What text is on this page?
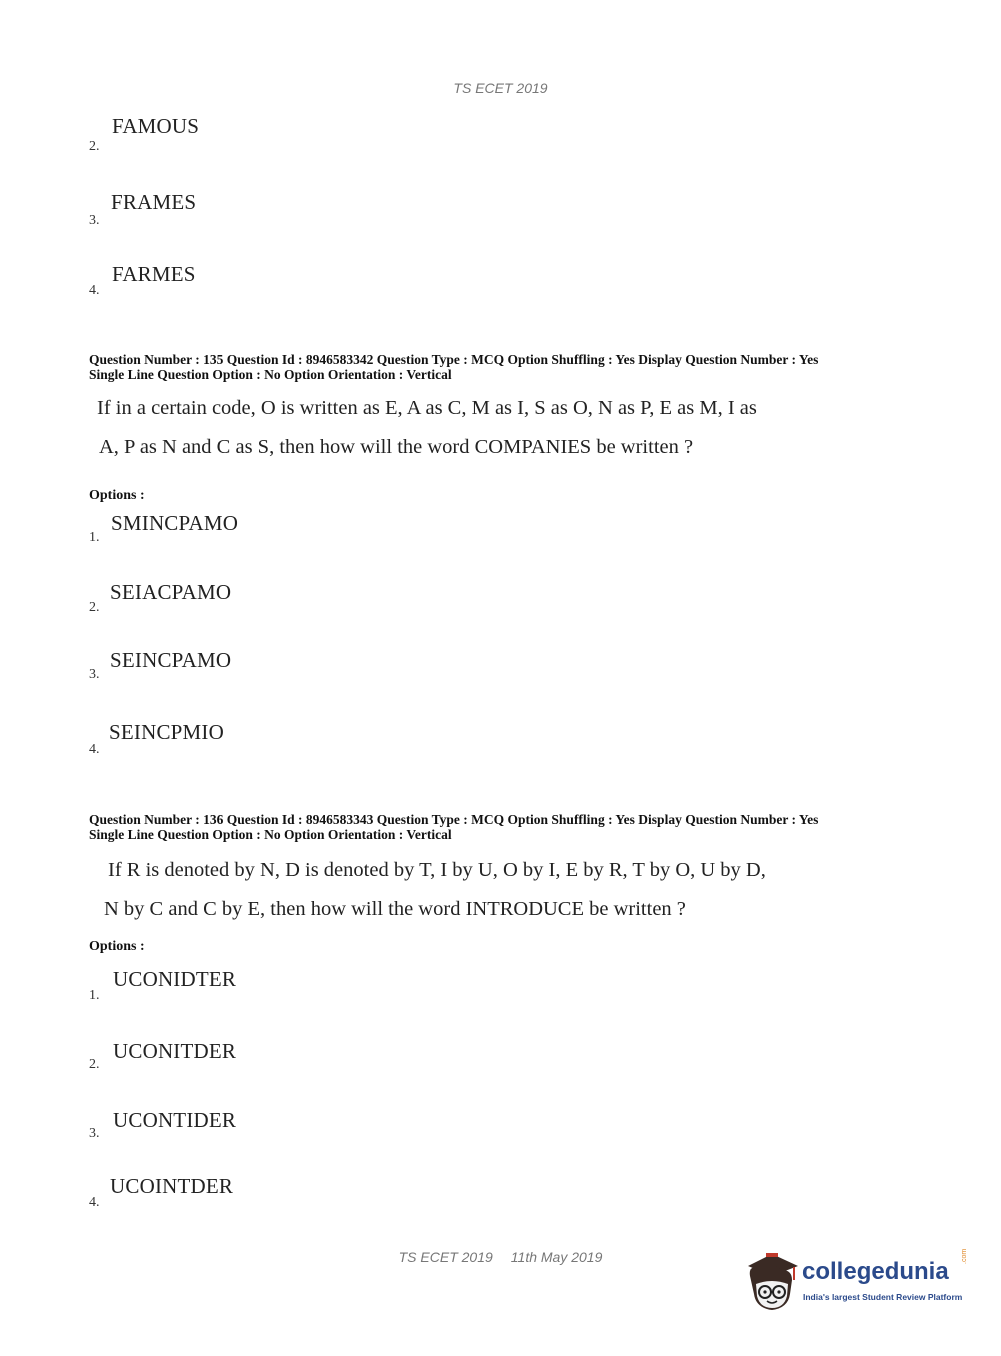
TS ECET 2019
FAMOUS
2.
FRAMES
3.
FARMES
4.
Question Number : 135 Question Id : 8946583342 Question Type : MCQ Option Shuffling : Yes Display Question Number : Yes
Single Line Question Option : No Option Orientation : Vertical
If in a certain code, O is written as E, A as C, M as I, S as O, N as P, E as M, I as
A, P as N and C as S, then how will the word COMPANIES be written ?
Options :
SMINCPAMO
1.
SEIACPAMO
2.
SEINCPAMO
3.
SEINCPMIO
4.
Question Number : 136 Question Id : 8946583343 Question Type : MCQ Option Shuffling : Yes Display Question Number : Yes
Single Line Question Option : No Option Orientation : Vertical
If R is denoted by N, D is denoted by T, I by U, O by I, E by R, T by O, U by D,
N by C and C by E, then how will the word INTRODUCE be written ?
Options :
UCONIDTER
1.
UCONITDER
2.
UCONTIDER
3.
UCOINTDER
4.
TS ECET 2019 11th May 2019
collegedunia
.com
India's largest Student Review Platform
